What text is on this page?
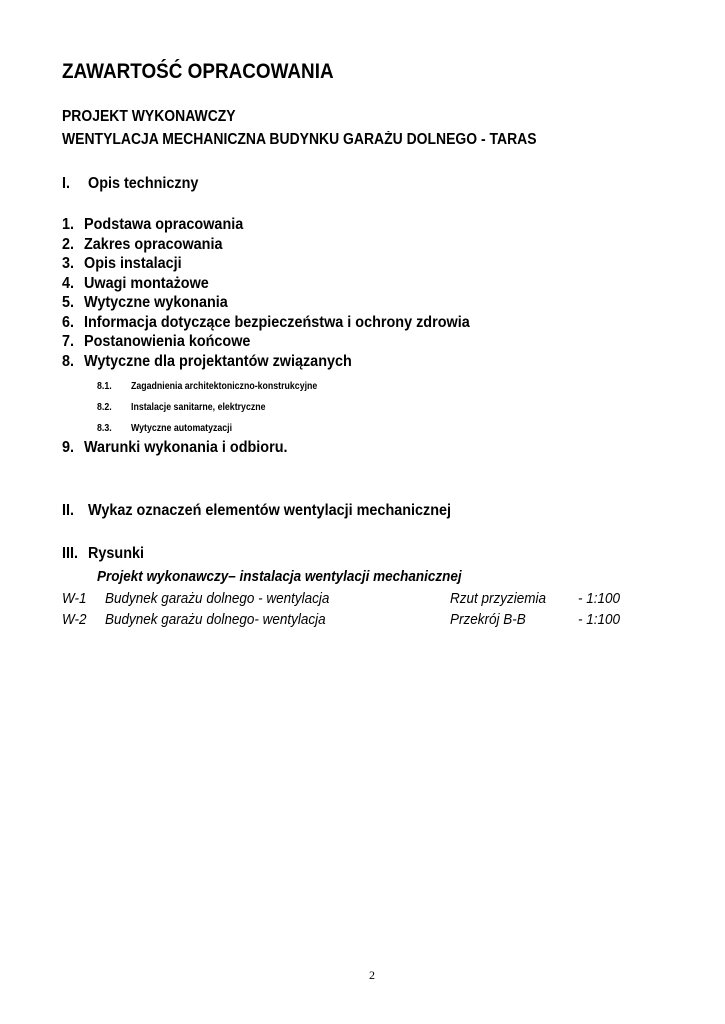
ZAWARTOŚĆ OPRACOWANIA
PROJEKT WYKONAWCZY
WENTYLACJA MECHANICZNA BUDYNKU GARAŻU DOLNEGO - TARAS
I. Opis techniczny
1. Podstawa opracowania
2. Zakres opracowania
3. Opis instalacji
4. Uwagi montażowe
5. Wytyczne wykonania
6. Informacja dotyczące bezpieczeństwa i ochrony zdrowia
7. Postanowienia końcowe
8. Wytyczne dla projektantów związanych
8.1. Zagadnienia architektoniczno-konstrukcyjne
8.2. Instalacje sanitarne, elektryczne
8.3. Wytyczne automatyzacji
9. Warunki wykonania i odbioru.
II. Wykaz oznaczeń elementów wentylacji mechanicznej
III. Rysunki
Projekt wykonawczy– instalacja wentylacji mechanicznej
W-1 Budynek garażu dolnego - wentylacja	Rzut przyziemia - 1:100
W-2 Budynek garażu dolnego- wentylacja	Przekrój B-B	- 1:100
2
